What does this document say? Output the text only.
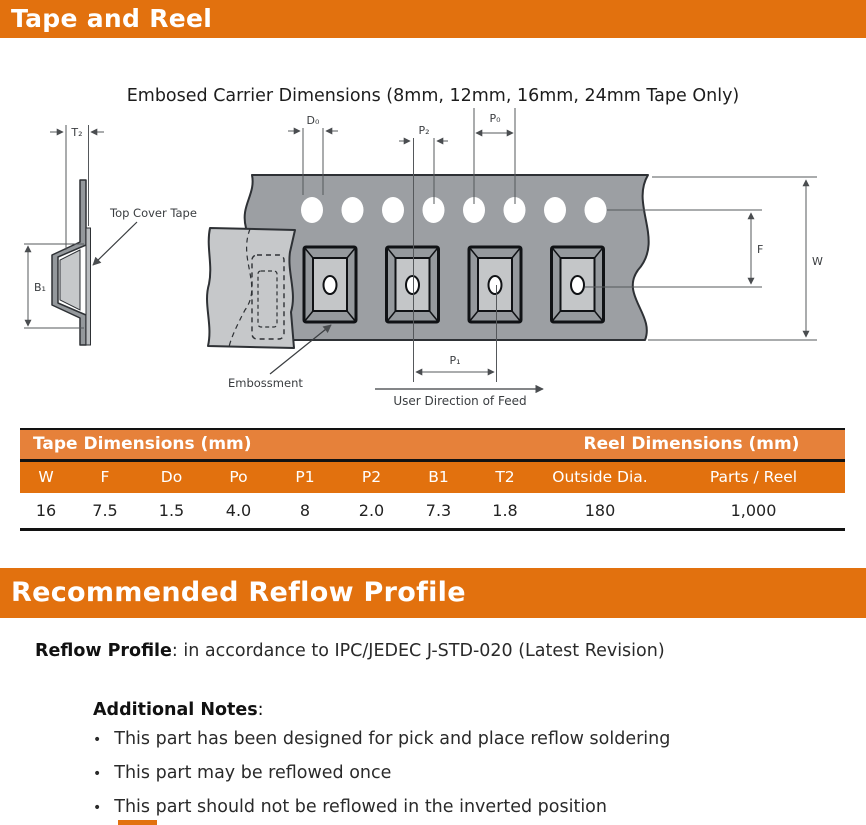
Tape and Reel
Embosed Carrier Dimensions (8mm, 12mm, 16mm, 24mm Tape Only)
T₂
B₁
Top Cover Tape
D₀
P₂
P₀
F
W
P₁
User Direction of Feed
Embossment
Tape Dimensions (mm)	Reel Dimensions (mm)
W	F	Do	Po	P1	P2	B1	T2	Outside Dia.	Parts / Reel
16	7.5	1.5	4.0	8	2.0	7.3	1.8	180	1,000
Recommended Reflow Profile
Reflow Profile: in accordance to IPC/JEDEC J-STD-020 (Latest Revision)
Additional Notes:
• This part has been designed for pick and place reflow soldering
• This part may be reflowed once
• This part should not be reflowed in the inverted position
